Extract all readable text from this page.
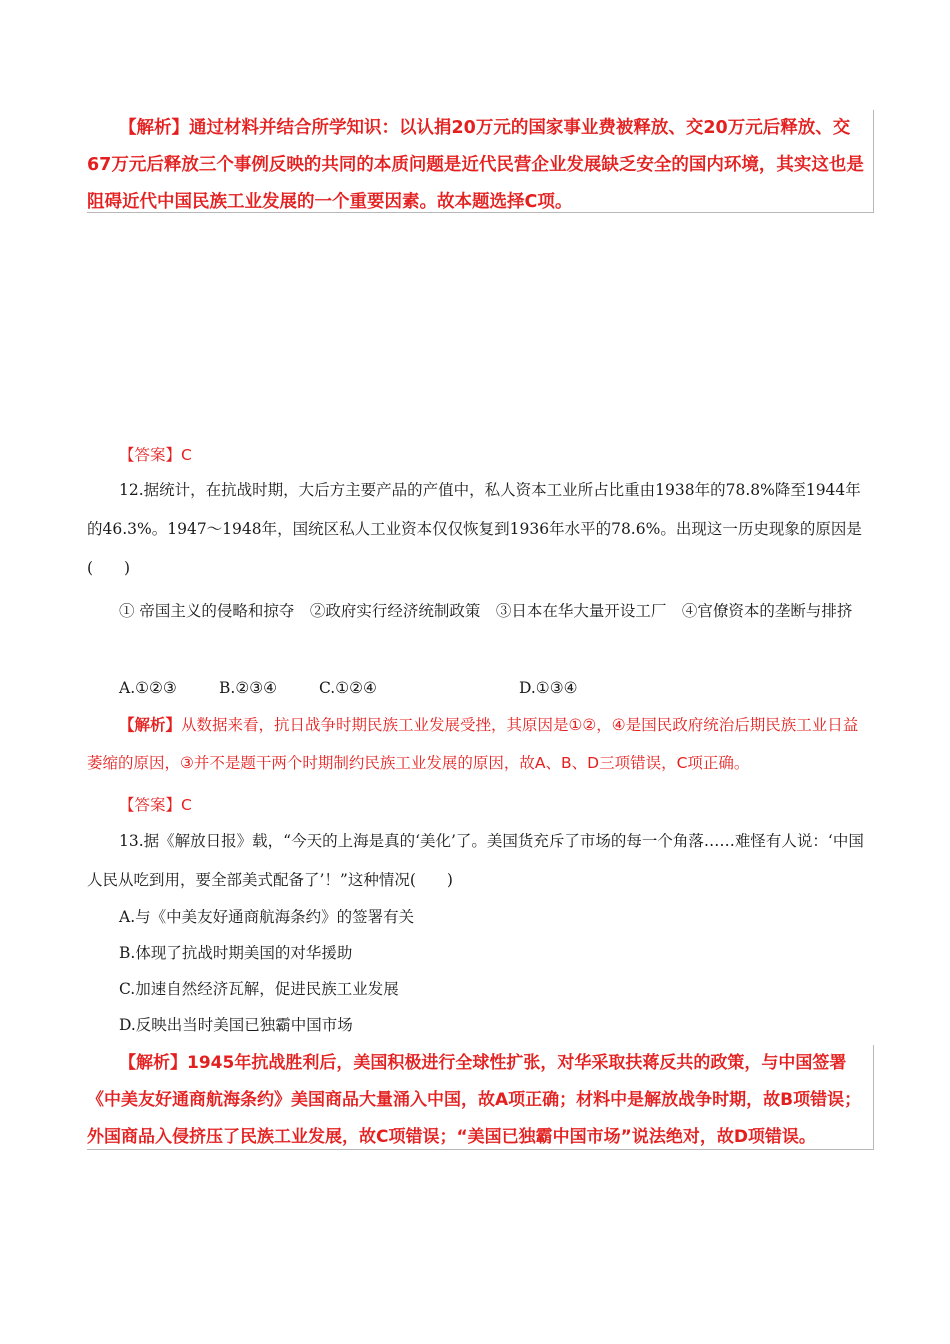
【解析】通过材料并结合所学知识：以认捐20万元的国家事业费被释放、交20万元后释放、交67万元后释放三个事例反映的共同的本质问题是近代民营企业发展缺乏安全的国内环境，其实这也是阻碍近代中国民族工业发展的一个重要因素。故本题选择C项。
【答案】C
12.据统计，在抗战时期，大后方主要产品的产值中，私人资本工业所占比重由1938年的78.8%降至1944年的46.3%。1947～1948年，国统区私人工业资本仅仅恢复到1936年水平的78.6%。出现这一历史现象的原因是(　　)
① 帝国主义的侵略和掠夺　②政府实行经济统制政策　③日本在华大量开设工厂　④官僚资本的垄断与排挤
A.①②③	B.②③④	C.①②④	D.①③④
【解析】从数据来看，抗日战争时期民族工业发展受挫，其原因是①②，④是国民政府统治后期民族工业日益萎缩的原因，③并不是题干两个时期制约民族工业发展的原因，故A、B、D三项错误，C项正确。
【答案】C
13.据《解放日报》载，“今天的上海是真的‘美化’了。美国货充斥了市场的每一个角落……难怪有人说：‘中国人民从吃到用，要全部美式配备了’！”这种情况(　　)
A.与《中美友好通商航海条约》的签署有关
B.体现了抗战时期美国的对华援助
C.加速自然经济瓦解，促进民族工业发展
D.反映出当时美国已独霸中国市场
【解析】1945年抗战胜利后，美国积极进行全球性扩张，对华采取扶蒋反共的政策，与中国签署《中美友好通商航海条约》美国商品大量涌入中国，故A项正确；材料中是解放战争时期，故B项错误；外国商品入侵挤压了民族工业发展，故C项错误；“美国已独霸中国市场”说法绝对，故D项错误。
